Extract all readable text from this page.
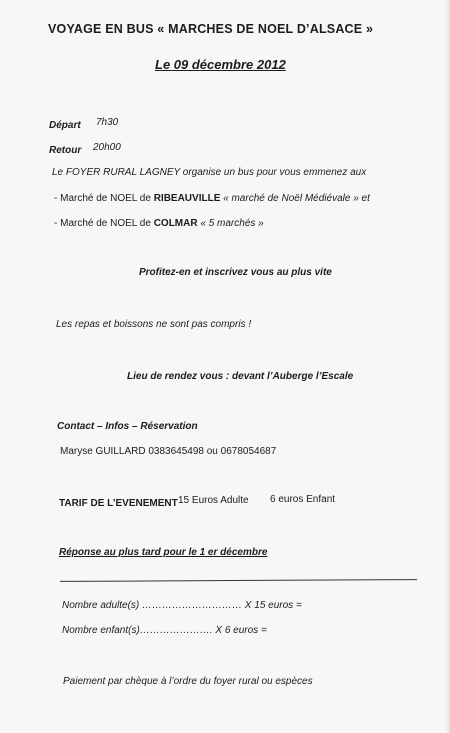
VOYAGE EN BUS « MARCHES DE NOEL D’ALSACE »
Le 09 décembre 2012
Départ 7h30
Retour 20h00
Le FOYER RURAL LAGNEY organise un bus pour vous emmenez aux
- Marché de NOEL de RIBEAUVILLE « marché de Noël Médiévale » et
- Marché de NOEL de COLMAR « 5 marchés »
Profitez-en et inscrivez vous au plus vite
Les repas et boissons ne sont pas compris !
Lieu de rendez vous : devant l’Auberge l’Escale
Contact – Infos – Réservation
Maryse GUILLARD 0383645498 ou 0678054687
TARIF DE L’EVENEMENT 15 Euros Adulte 6 euros Enfant
Réponse au plus tard pour le 1 er décembre
Nombre adulte(s) ………………………… X 15 euros =
Nombre enfant(s)…………………. X 6 euros =
Paiement par chèque à l’ordre du foyer rural ou espèces
